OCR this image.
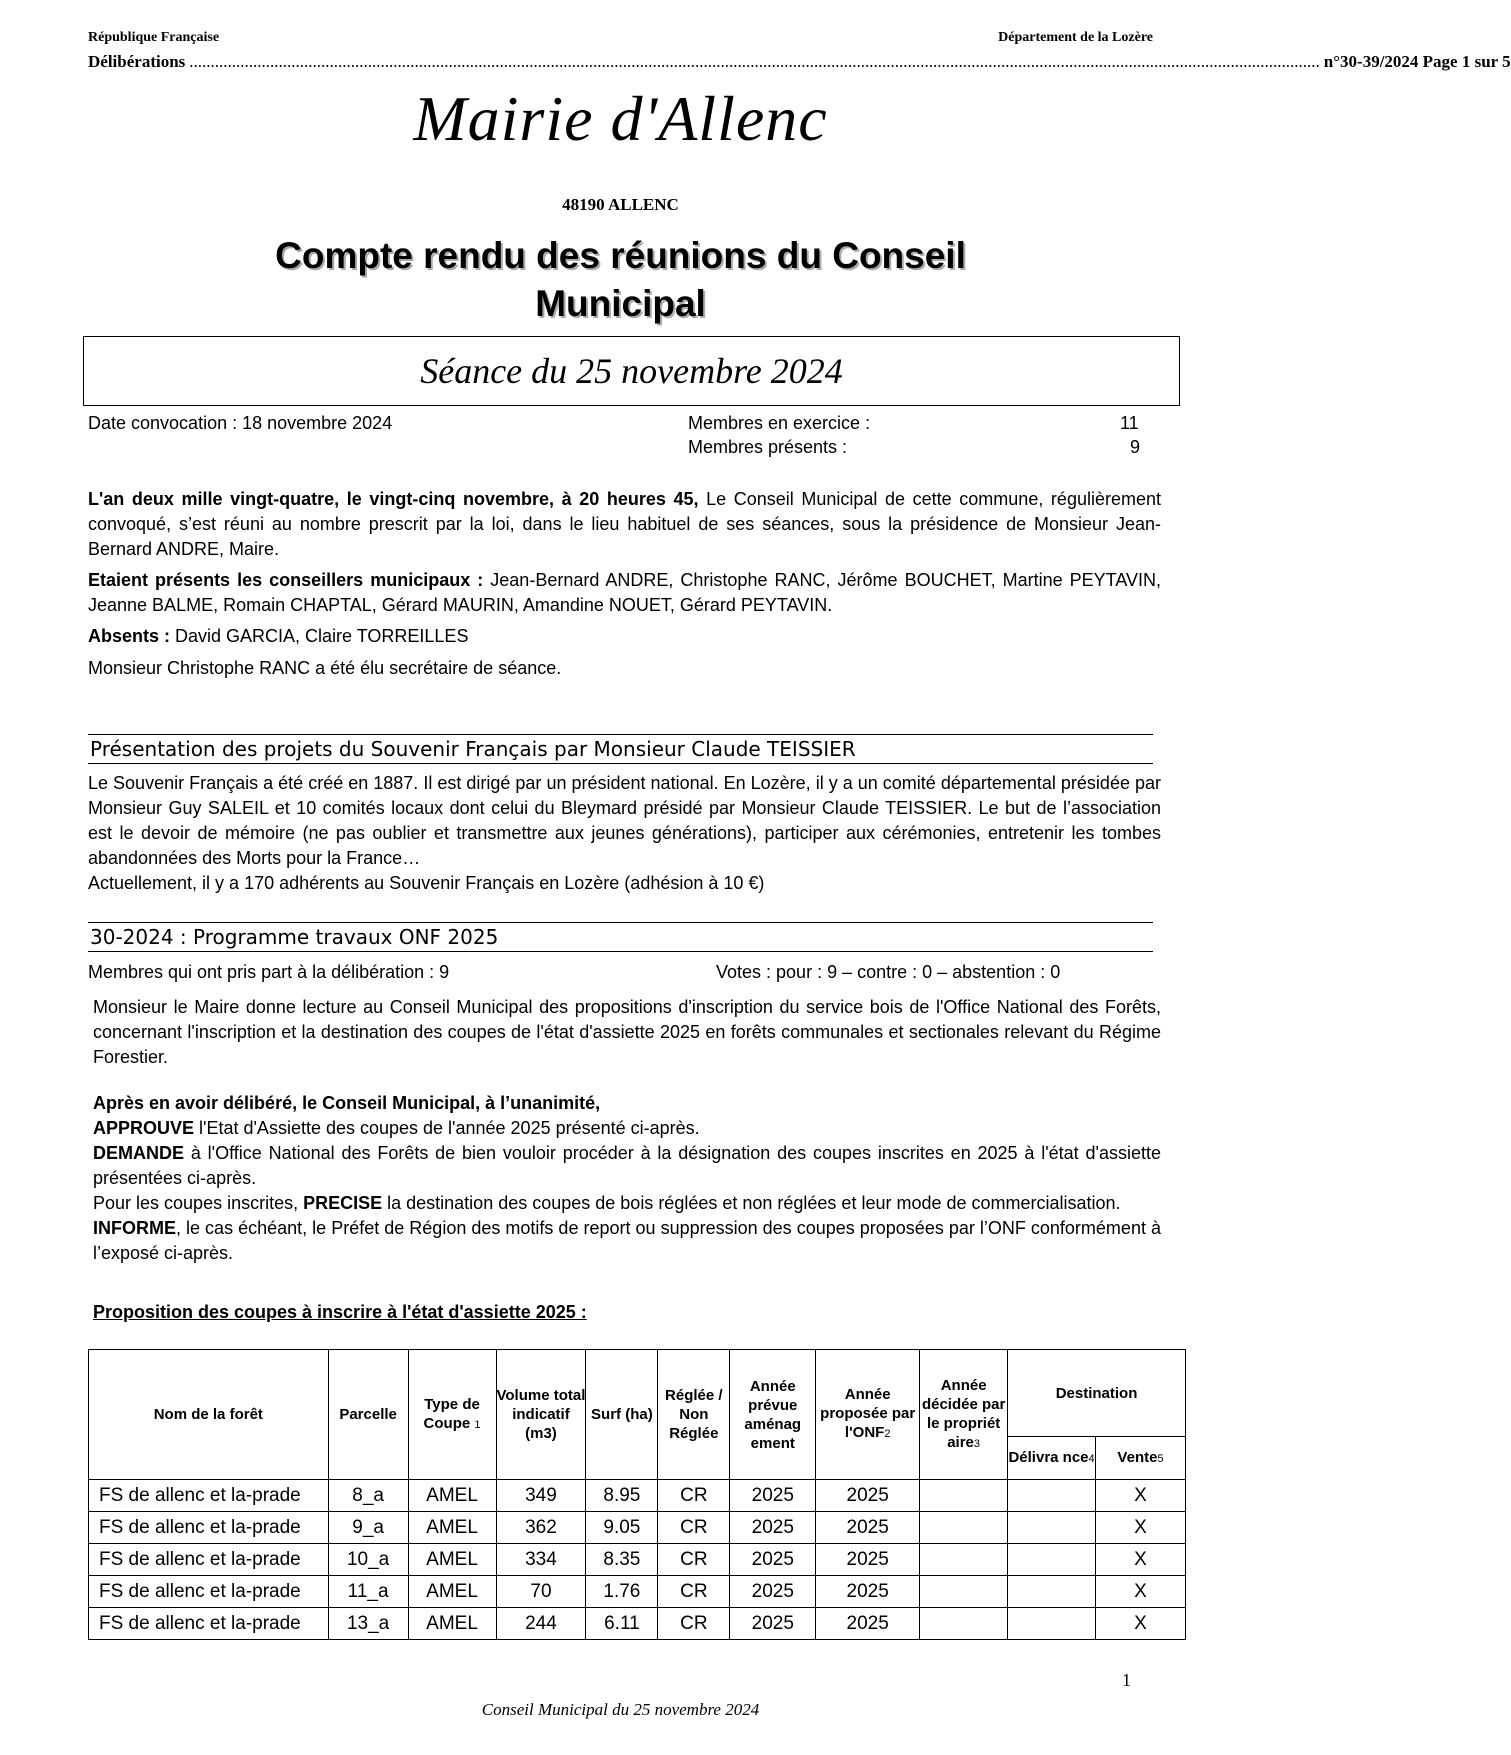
République Française	Département de la Lozère
Délibérations .......................................................................................................................................................................................................................................................................... n°30-39/2024 Page 1 sur 5
Mairie d'Allenc
48190 ALLENC
Compte rendu des réunions du Conseil
Municipal
Séance du 25 novembre 2024
Date convocation : 18 novembre 2024	Membres en exercice :	11
Membres présents :	9
L'an deux mille vingt-quatre, le vingt-cinq novembre, à 20 heures 45, Le Conseil Municipal de cette commune, régulièrement convoqué, s’est réuni au nombre prescrit par la loi, dans le lieu habituel de ses séances, sous la présidence de Monsieur Jean-Bernard ANDRE, Maire.
Etaient présents les conseillers municipaux : Jean-Bernard ANDRE, Christophe RANC, Jérôme BOUCHET, Martine PEYTAVIN, Jeanne BALME, Romain CHAPTAL, Gérard MAURIN, Amandine NOUET, Gérard PEYTAVIN.
Absents : David GARCIA, Claire TORREILLES
Monsieur Christophe RANC a été élu secrétaire de séance.
Présentation des projets du Souvenir Français par Monsieur Claude TEISSIER
Le Souvenir Français a été créé en 1887. Il est dirigé par un président national. En Lozère, il y a un comité départemental présidée par Monsieur Guy SALEIL et 10 comités locaux dont celui du Bleymard présidé par Monsieur Claude TEISSIER. Le but de l’association est le devoir de mémoire (ne pas oublier et transmettre aux jeunes générations), participer aux cérémonies, entretenir les tombes abandonnées des Morts pour la France…
Actuellement, il y a 170 adhérents au Souvenir Français en Lozère (adhésion à 10 €)
30-2024 : Programme travaux ONF 2025
Membres qui ont pris part à la délibération : 9	Votes : pour : 9 – contre : 0 – abstention : 0
Monsieur le Maire donne lecture au Conseil Municipal des propositions d'inscription du service bois de l'Office National des Forêts, concernant l'inscription et la destination des coupes de l'état d'assiette 2025 en forêts communales et sectionales relevant du Régime Forestier.
Après en avoir délibéré, le Conseil Municipal, à l’unanimité,
APPROUVE l'Etat d'Assiette des coupes de l'année 2025 présenté ci-après.
DEMANDE à l'Office National des Forêts de bien vouloir procéder à la désignation des coupes inscrites en 2025 à l'état d'assiette présentées ci-après.
Pour les coupes inscrites, PRECISE la destination des coupes de bois réglées et non réglées et leur mode de commercialisation.
INFORME, le cas échéant, le Préfet de Région des motifs de report ou suppression des coupes proposées par l’ONF conformément à l’exposé ci-après.
Proposition des coupes à inscrire à l'état d'assiette 2025 :
Nom de la forêt	Parcelle	Type de Coupe 1	Volume total indicatif (m3)	Surf (ha)	Réglée / Non Réglée	Année prévue aménag ement	Année proposée par l'ONF2	Année décidée par le propriét aire3	Destination	
									Délivra nce4	Vente5
FS de allenc et la-prade	8_a	AMEL	349	8.95	CR	2025	2025			X
FS de allenc et la-prade	9_a	AMEL	362	9.05	CR	2025	2025			X
FS de allenc et la-prade	10_a	AMEL	334	8.35	CR	2025	2025			X
FS de allenc et la-prade	11_a	AMEL	70	1.76	CR	2025	2025			X
FS de allenc et la-prade	13_a	AMEL	244	6.11	CR	2025	2025			X
1
Conseil Municipal du 25 novembre 2024
